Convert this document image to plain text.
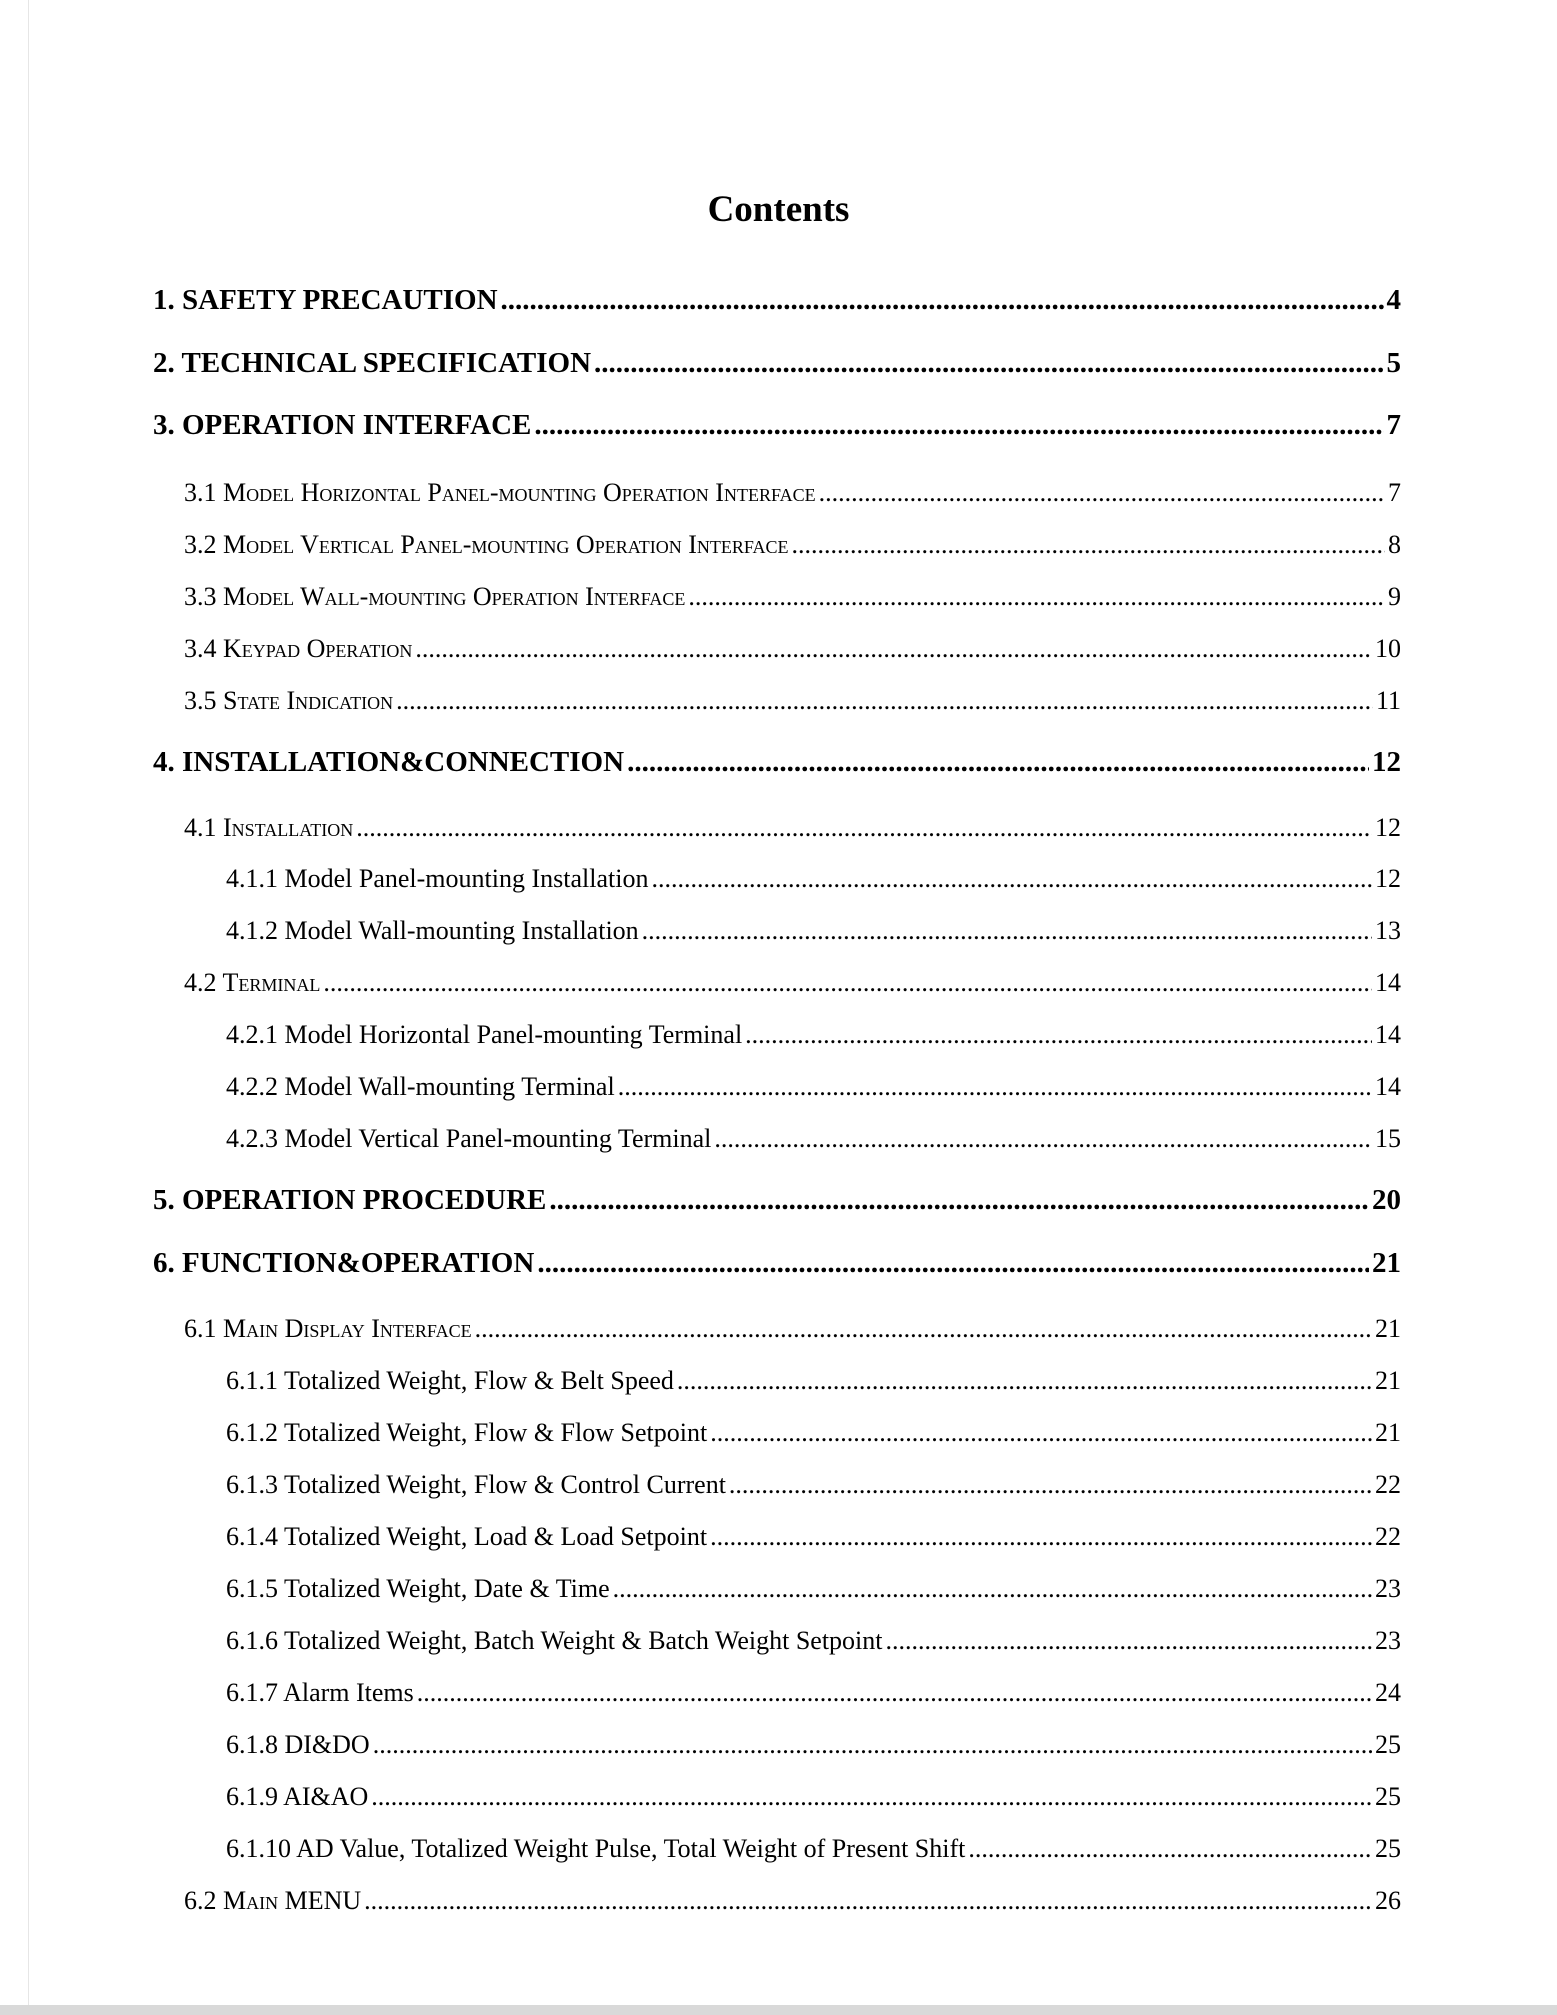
Contents
1. SAFETY PRECAUTION .....	4
2. TECHNICAL SPECIFICATION .....	5
3. OPERATION INTERFACE .....	7
3.1 Model Horizontal Panel-mounting Operation Interface .....	7
3.2 Model Vertical Panel-mounting Operation Interface .....	8
3.3 Model Wall-mounting Operation Interface .....	9
3.4 Keypad Operation .....	10
3.5 State Indication .....	11
4. INSTALLATION&CONNECTION .....	12
4.1 Installation .....	12
4.1.1 Model Panel-mounting Installation .....	12
4.1.2 Model Wall-mounting Installation .....	13
4.2 Terminal .....	14
4.2.1 Model Horizontal Panel-mounting Terminal .....	14
4.2.2 Model Wall-mounting Terminal .....	14
4.2.3 Model Vertical Panel-mounting Terminal .....	15
5. OPERATION PROCEDURE .....	20
6. FUNCTION&OPERATION .....	21
6.1 Main Display Interface .....	21
6.1.1 Totalized Weight, Flow & Belt Speed .....	21
6.1.2 Totalized Weight, Flow & Flow Setpoint .....	21
6.1.3 Totalized Weight, Flow & Control Current .....	22
6.1.4 Totalized Weight, Load & Load Setpoint .....	22
6.1.5 Totalized Weight, Date & Time .....	23
6.1.6 Totalized Weight, Batch Weight & Batch Weight Setpoint .....	23
6.1.7 Alarm Items .....	24
6.1.8 DI&DO .....	25
6.1.9 AI&AO .....	25
6.1.10 AD Value, Totalized Weight Pulse, Total Weight of Present Shift .....	25
6.2 Main MENU .....	26
